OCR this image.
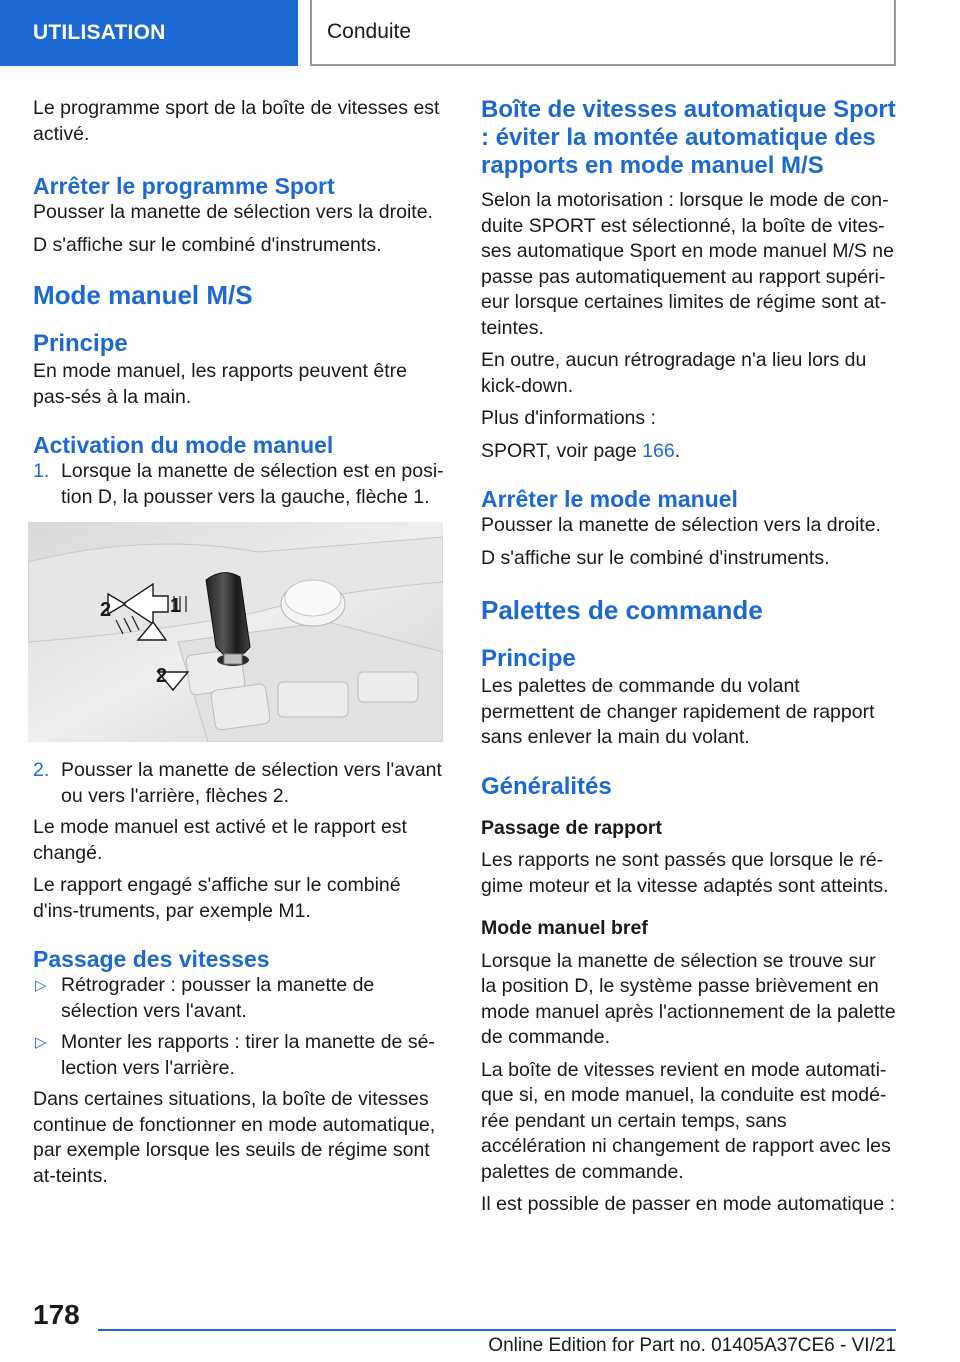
UTILISATION	Conduite

Le programme sport de la boîte de vitesses est activé.

Arrêter le programme Sport

Pousser la manette de sélection vers la droite.

D s'affiche sur le combiné d'instruments.

Mode manuel M/S
Principe

En mode manuel, les rapports peuvent être pas-sés à la main.

Activation du mode manuel
1. Lorsque la manette de sélection est en posi-tion D, la pousser vers la gauche, flèche 1.
1
2
2
2. Pousser la manette de sélection vers l'avant ou vers l'arrière, flèches 2.

Le mode manuel est activé et le rapport est changé.

Le rapport engagé s'affiche sur le combiné d'ins-truments, par exemple M1.

Passage des vitesses
▷ Rétrograder : pousser la manette de sélection vers l'avant.
▷ Monter les rapports : tirer la manette de sé-lection vers l'arrière.

Dans certaines situations, la boîte de vitesses continue de fonctionner en mode automatique, par exemple lorsque les seuils de régime sont at-teints.

Boîte de vitesses automatique Sport : éviter la montée automatique des rapports en mode manuel M/S

Selon la motorisation : lorsque le mode de con-duite SPORT est sélectionné, la boîte de vites-ses automatique Sport en mode manuel M/S ne passe pas automatiquement au rapport supéri-eur lorsque certaines limites de régime sont at-teintes.

En outre, aucun rétrogradage n'a lieu lors du kick-down.

Plus d'informations :

SPORT, voir page 166.

Arrêter le mode manuel

Pousser la manette de sélection vers la droite.

D s'affiche sur le combiné d'instruments.

Palettes de commande
Principe

Les palettes de commande du volant permettent de changer rapidement de rapport sans enlever la main du volant.

Généralités

Passage de rapport

Les rapports ne sont passés que lorsque le ré-gime moteur et la vitesse adaptés sont atteints.

Mode manuel bref

Lorsque la manette de sélection se trouve sur la position D, le système passe brièvement en mode manuel après l'actionnement de la palette de commande.

La boîte de vitesses revient en mode automati-que si, en mode manuel, la conduite est modé-rée pendant un certain temps, sans accélération ni changement de rapport avec les palettes de commande.

Il est possible de passer en mode automatique :

178
Online Edition for Part no. 01405A37CE6 - VI/21
